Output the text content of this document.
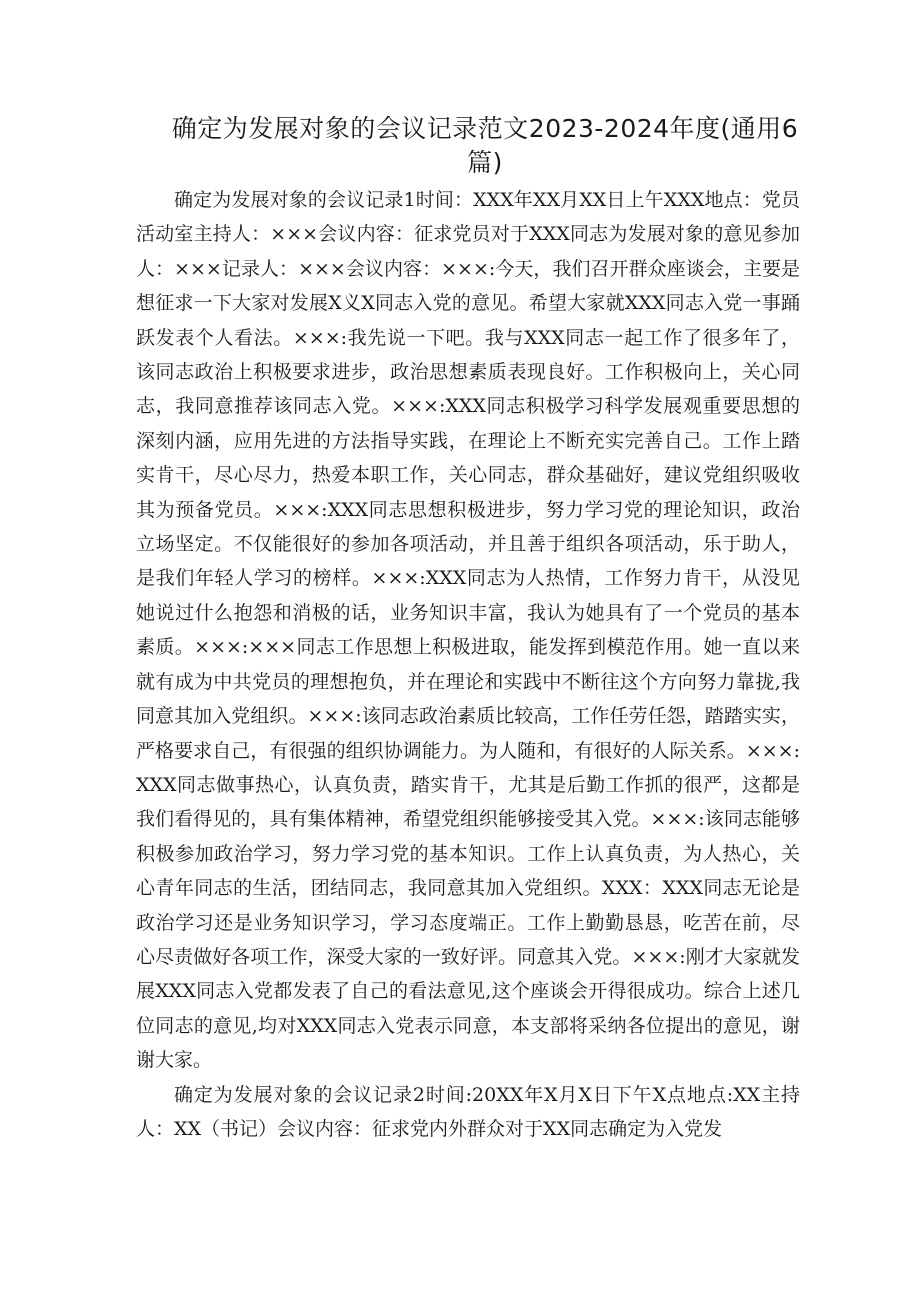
确定为发展对象的会议记录范文2023-2024年度(通用6篇)

确定为发展对象的会议记录1时间：XXX年XX月XX日上午XXX地点：党员活动室主持人：×××会议内容：征求党员对于XXX同志为发展对象的意见参加人：×××记录人：×××会议内容：×××:今天，我们召开群众座谈会，主要是想征求一下大家对发展X义X同志入党的意见。希望大家就XXX同志入党一事踊跃发表个人看法。×××:我先说一下吧。我与XXX同志一起工作了很多年了，该同志政治上积极要求进步，政治思想素质表现良好。工作积极向上，关心同志，我同意推荐该同志入党。×××:XXX同志积极学习科学发展观重要思想的深刻内涵，应用先进的方法指导实践，在理论上不断充实完善自己。工作上踏实肯干，尽心尽力，热爱本职工作，关心同志，群众基础好，建议党组织吸收其为预备党员。×××:XXX同志思想积极进步，努力学习党的理论知识，政治立场坚定。不仅能很好的参加各项活动，并且善于组织各项活动，乐于助人，是我们年轻人学习的榜样。×××:XXX同志为人热情，工作努力肯干，从没见她说过什么抱怨和消极的话，业务知识丰富，我认为她具有了一个党员的基本素质。×××:×××同志工作思想上积极进取，能发挥到模范作用。她一直以来就有成为中共党员的理想抱负，并在理论和实践中不断往这个方向努力靠拢,我同意其加入党组织。×××:该同志政治素质比较高，工作任劳任怨，踏踏实实，严格要求自己，有很强的组织协调能力。为人随和，有很好的人际关系。×××:XXX同志做事热心，认真负责，踏实肯干，尤其是后勤工作抓的很严，这都是我们看得见的，具有集体精神，希望党组织能够接受其入党。×××:该同志能够积极参加政治学习，努力学习党的基本知识。工作上认真负责，为人热心，关心青年同志的生活，团结同志，我同意其加入党组织。XXX：XXX同志无论是政治学习还是业务知识学习，学习态度端正。工作上勤勤恳恳，吃苦在前，尽心尽责做好各项工作，深受大家的一致好评。同意其入党。×××:刚才大家就发展XXX同志入党都发表了自己的看法意见,这个座谈会开得很成功。综合上述几位同志的意见,均对XXX同志入党表示同意，本支部将采纳各位提出的意见，谢谢大家。

确定为发展对象的会议记录2时间:20XX年X月X日下午X点地点:XX主持人：XX（书记）会议内容：征求党内外群众对于XX同志确定为入党发
